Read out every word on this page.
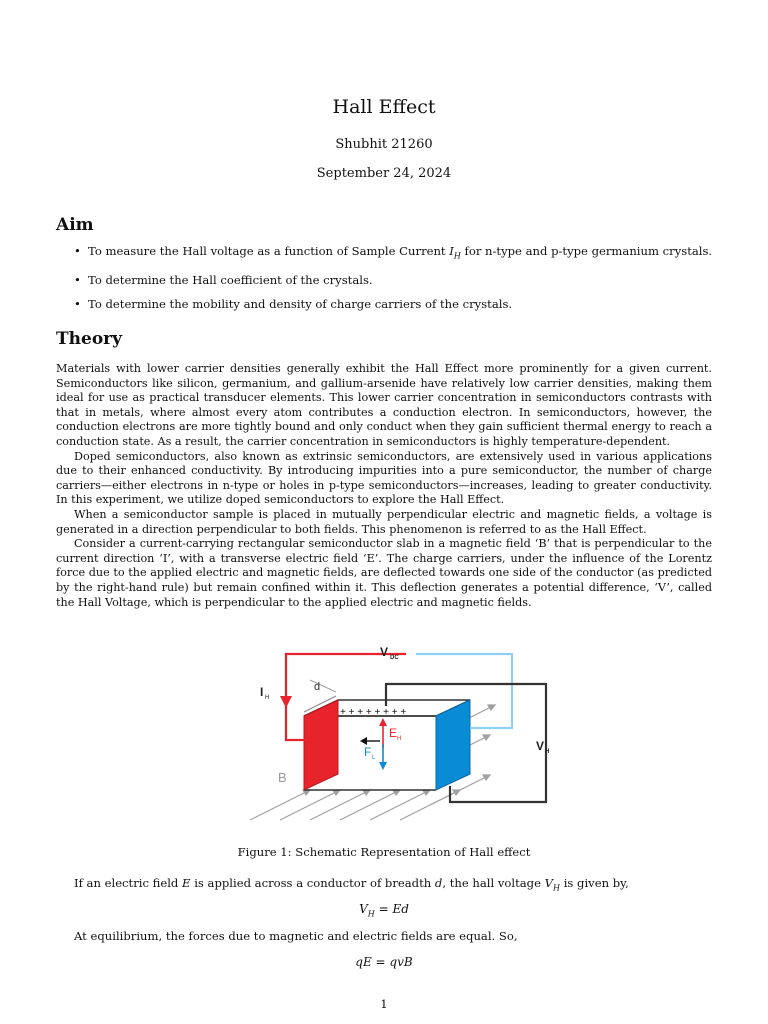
Hall Effect
Shubhit 21260
September 24, 2024
Aim
• To measure the Hall voltage as a function of Sample Current $I_H$ for n-type and p-type germanium crystals.
• To determine the Hall coefficient of the crystals.
• To determine the mobility and density of charge carriers of the crystals.
Theory

Materials with lower carrier densities generally exhibit the Hall Effect more prominently for a given current. Semiconductors like silicon, germanium, and gallium-arsenide have relatively low carrier densities, making them ideal for use as practical transducer elements. This lower carrier concentration in semiconductors contrasts with that in metals, where almost every atom contributes a conduction electron. In semiconductors, however, the conduction electrons are more tightly bound and only conduct when they gain sufficient thermal energy to reach a conduction state. As a result, the carrier concentration in semiconductors is highly temperature-dependent.

Doped semiconductors, also known as extrinsic semiconductors, are extensively used in various applications due to their enhanced conductivity. By introducing impurities into a pure semiconductor, the number of charge carriers—either electrons in n-type or holes in p-type semiconductors—increases, leading to greater conductivity. In this experiment, we utilize doped semiconductors to explore the Hall Effect.

When a semiconductor sample is placed in mutually perpendicular electric and magnetic fields, a voltage is generated in a direction perpendicular to both fields. This phenomenon is referred to as the Hall Effect.

Consider a current-carrying rectangular semiconductor slab in a magnetic field ‘B’ that is perpendicular to the current direction ‘I’, with a transverse electric field ‘E’. The charge carriers, under the influence of the Lorentz force due to the applied electric and magnetic fields, are deflected towards one side of the conductor (as predicted by the right-hand rule) but remain confined within it. This deflection generates a potential difference, ‘V’, called the Hall Voltage, which is perpendicular to the applied electric and magnetic fields.

+ + + + + + + +
E H
F L
d
I H
V DC
V H
B
Figure 1: Schematic Representation of Hall effect
If an electric field E is applied across a conductor of breadth d, the hall voltage $V_H$ is given by,
$V_H = Ed$
At equilibrium, the forces due to magnetic and electric fields are equal. So,
qE = qvB
1
